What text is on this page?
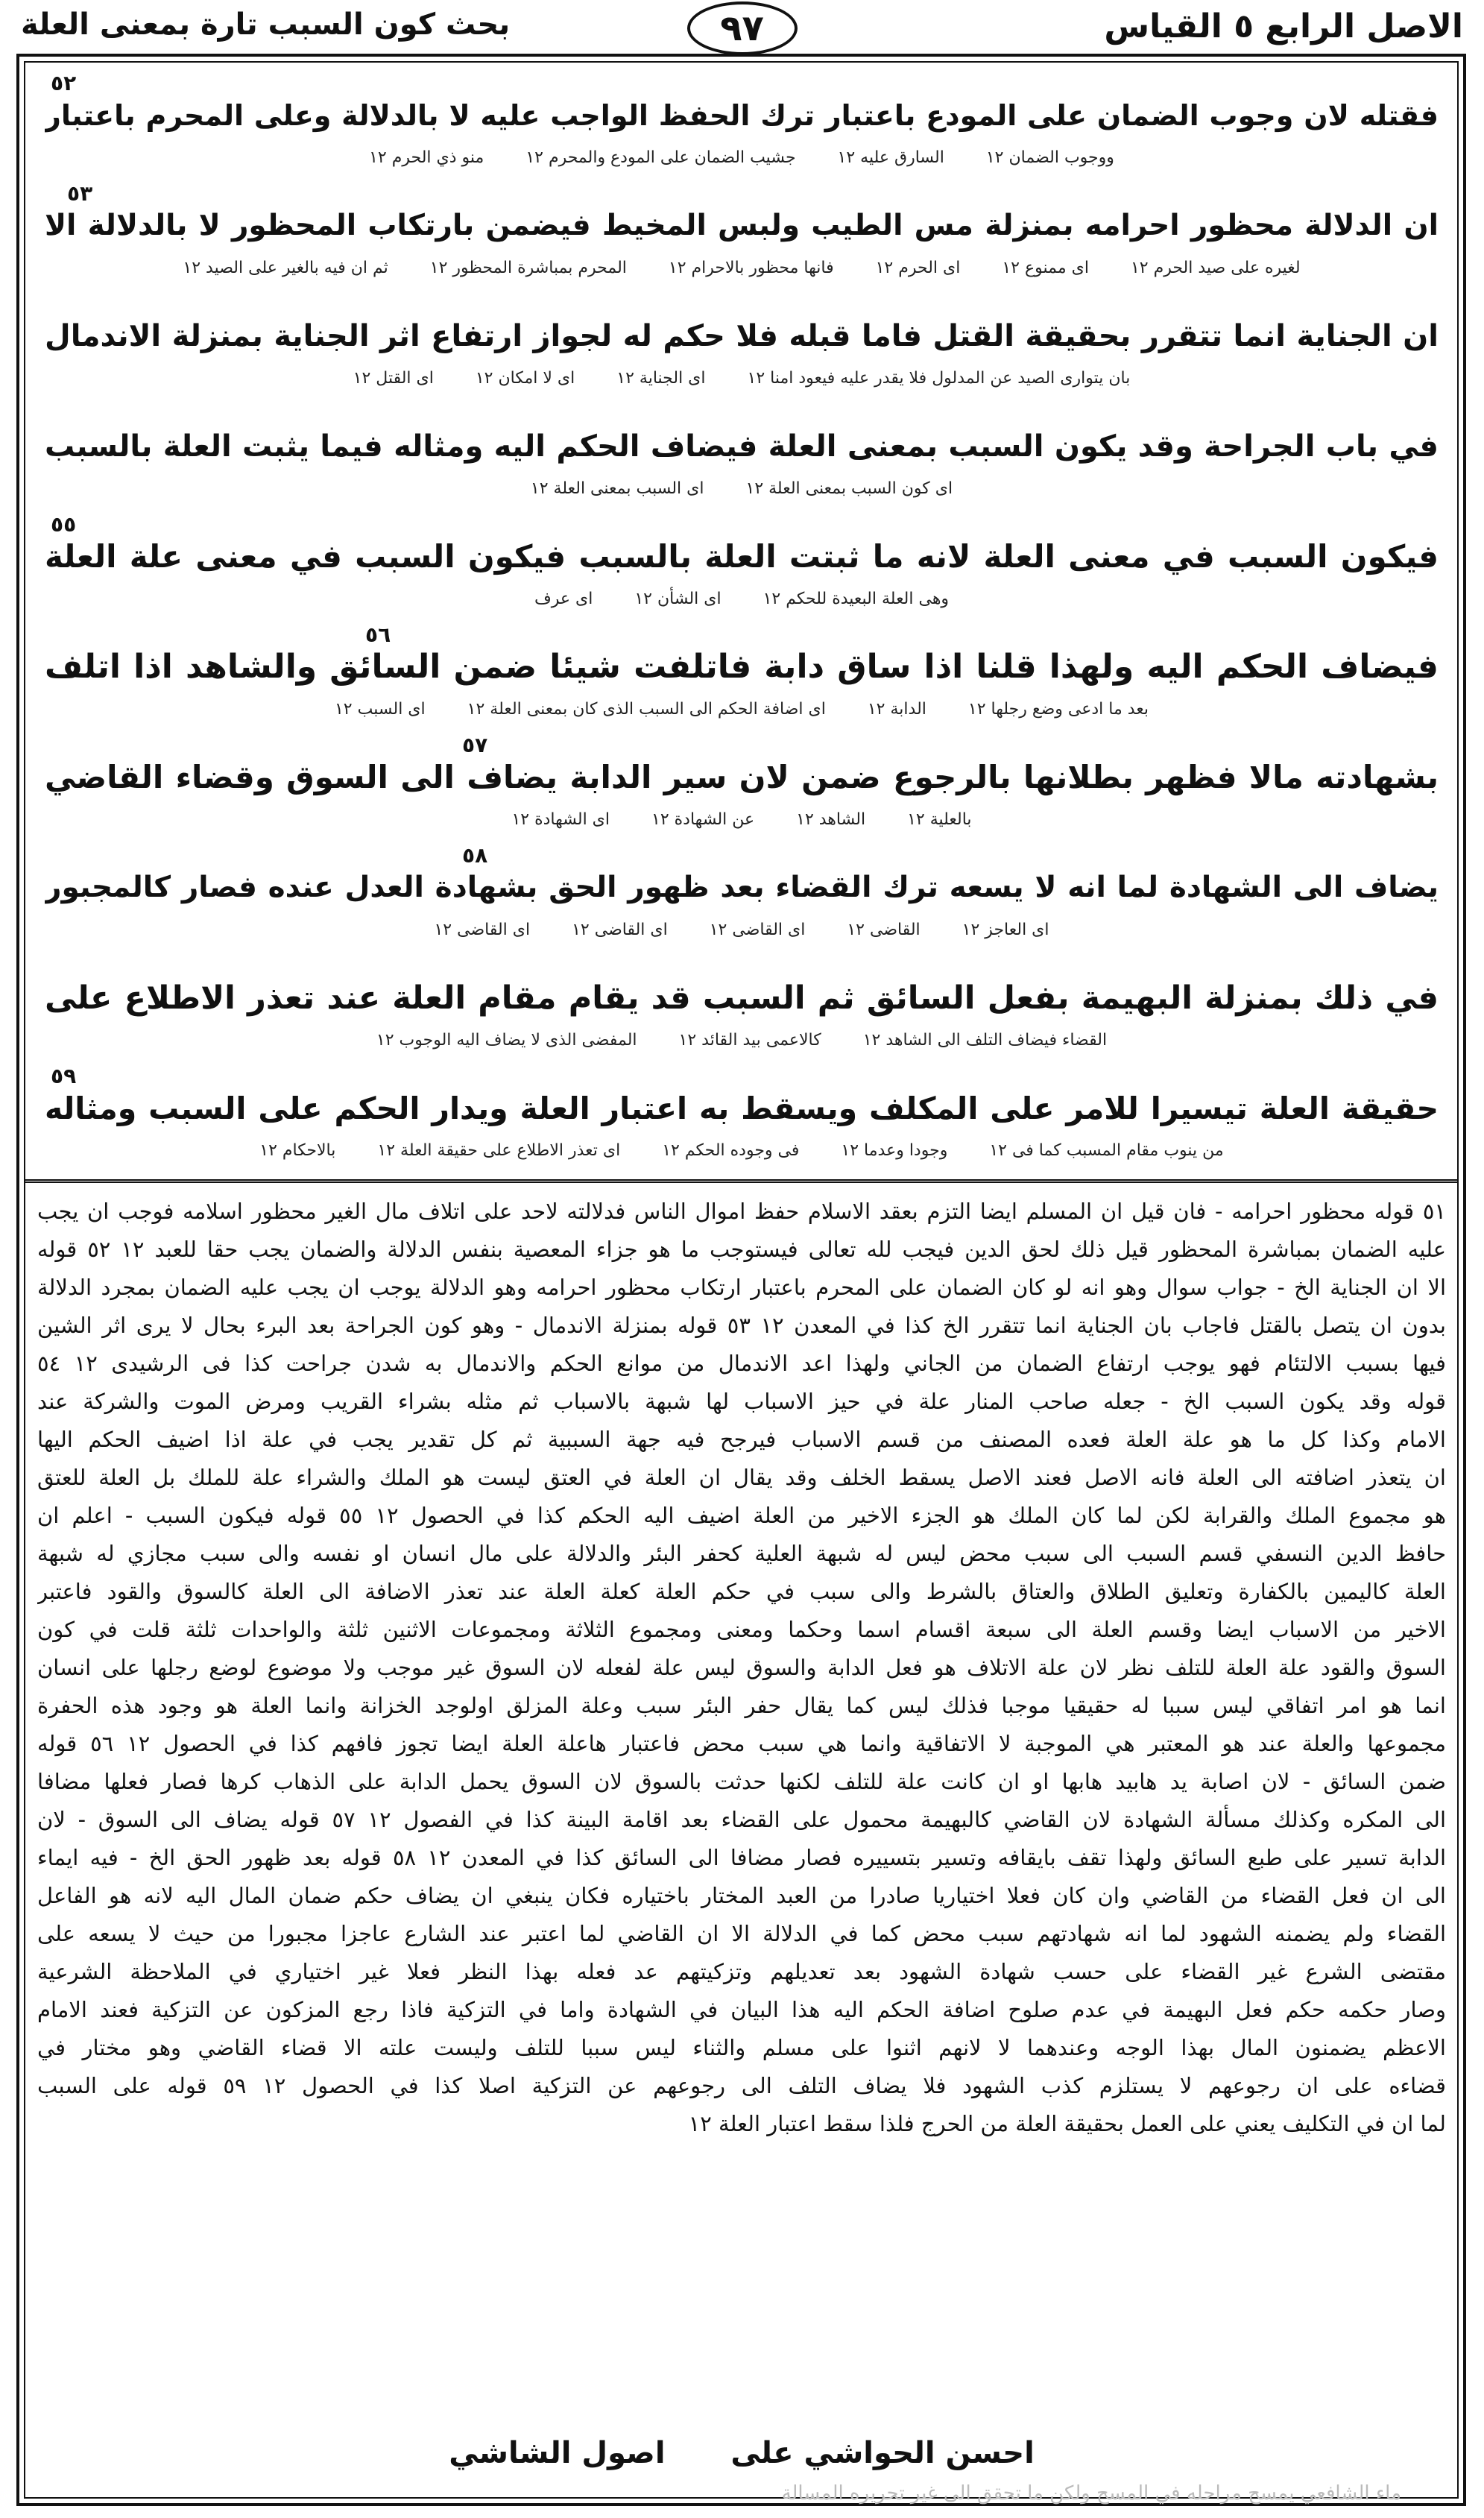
الاصل الرابع ٥ القياس
٩٧
بحث كون السبب تارة بمعنى العلة
فقتله لان وجوب الضمان على المودع باعتبار ترك الحفظ الواجب عليه لا بالدلالة وعلى المحرم باعتبار
ووجوب الضمان ١٢السارق عليه ١٢جشيب الضمان على المودع والمحرم ١٢منو ذي الحرم ١٢
٥٢
ان الدلالة محظور احرامه بمنزلة مس الطيب ولبس المخيط فيضمن بارتكاب المحظور لا بالدلالة الا
لغيره على صيد الحرم ١٢اى ممنوع ١٢اى الحرم ١٢فانها محظور بالاحرام ١٢المحرم بمباشرة المحظور ١٢ثم ان فيه بالغير على الصيد ١٢
٥٣
ان الجناية انما تتقرر بحقيقة القتل فاما قبله فلا حكم له لجواز ارتفاع اثر الجناية بمنزلة الاندمال
بان يتوارى الصيد عن المدلول فلا يقدر عليه فيعود امنا ١٢اى الجناية ١٢اى لا امكان ١٢اى القتل ١٢
في باب الجراحة وقد يكون السبب بمعنى العلة فيضاف الحكم اليه ومثاله فيما يثبت العلة بالسبب
اى كون السبب بمعنى العلة ١٢اى السبب بمعنى العلة ١٢
فيكون السبب في معنى العلة لانه ما ثبتت العلة بالسبب فيكون السبب في معنى علة العلة
وهى العلة البعيدة للحكم ١٢اى الشأن ١٢اى عرف
٥٥
فيضاف الحكم اليه ولهذا قلنا اذا ساق دابة فاتلفت شيئا ضمن السائق والشاهد اذا اتلف
بعد ما ادعى وضع رجلها ١٢الدابة ١٢اى اضافة الحكم الى السبب الذى كان بمعنى العلة ١٢اى السبب ١٢
٥٦
بشهادته مالا فظهر بطلانها بالرجوع ضمن لان سير الدابة يضاف الى السوق وقضاء القاضي
بالعلية ١٢الشاهد ١٢عن الشهادة ١٢اى الشهادة ١٢
٥٧
يضاف الى الشهادة لما انه لا يسعه ترك القضاء بعد ظهور الحق بشهادة العدل عنده فصار كالمجبور
اى العاجز ١٢القاضى ١٢اى القاضى ١٢اى القاضى ١٢اى القاضى ١٢
٥٨
في ذلك بمنزلة البهيمة بفعل السائق ثم السبب قد يقام مقام العلة عند تعذر الاطلاع على
القضاء فيضاف التلف الى الشاهد ١٢كالاعمى بيد القائد ١٢المفضى الذى لا يضاف اليه الوجوب ١٢
حقيقة العلة تيسيرا للامر على المكلف ويسقط به اعتبار العلة ويدار الحكم على السبب ومثاله
من ينوب مقام المسبب كما فى ١٢وجودا وعدما ١٢فى وجوده الحكم ١٢اى تعذر الاطلاع على حقيقة العلة ١٢بالاحكام ١٢
٥٩
٥١ قوله محظور احرامه - فان قيل ان المسلم ايضا التزم بعقد الاسلام حفظ اموال الناس فدلالته لاحد على اتلاف مال الغير محظور اسلامه فوجب ان يجب
عليه الضمان بمباشرة المحظور قيل ذلك لحق الدين فيجب لله تعالى فيستوجب ما هو جزاء المعصية بنفس الدلالة والضمان يجب حقا للعبد ١٢ ٥٢ قوله
الا ان الجناية الخ - جواب سوال وهو انه لو كان الضمان على المحرم باعتبار ارتكاب محظور احرامه وهو الدلالة يوجب ان يجب عليه الضمان بمجرد الدلالة
بدون ان يتصل بالقتل فاجاب بان الجناية انما تتقرر الخ كذا في المعدن ١٢ ٥٣ قوله بمنزلة الاندمال - وهو كون الجراحة بعد البرء بحال لا يرى اثر الشين
فيها بسبب الالتئام فهو يوجب ارتفاع الضمان من الجاني ولهذا اعد الاندمال من موانع الحكم والاندمال به شدن جراحت كذا فى الرشيدى ١٢ ٥٤
قوله وقد يكون السبب الخ - جعله صاحب المنار علة في حيز الاسباب لها شبهة بالاسباب ثم مثله بشراء القريب ومرض الموت والشركة عند
الامام وكذا كل ما هو علة العلة فعده المصنف من قسم الاسباب فيرجح فيه جهة السببية ثم كل تقدير يجب في علة اذا اضيف الحكم اليها
ان يتعذر اضافته الى العلة فانه الاصل فعند الاصل يسقط الخلف وقد يقال ان العلة في العتق ليست هو الملك والشراء علة للملك بل العلة للعتق
هو مجموع الملك والقرابة لكن لما كان الملك هو الجزء الاخير من العلة اضيف اليه الحكم كذا في الحصول ١٢ ٥٥ قوله فيكون السبب - اعلم ان
حافظ الدين النسفي قسم السبب الى سبب محض ليس له شبهة العلية كحفر البئر والدلالة على مال انسان او نفسه والى سبب مجازي له شبهة
العلة كاليمين بالكفارة وتعليق الطلاق والعتاق بالشرط والى سبب في حكم العلة كعلة العلة عند تعذر الاضافة الى العلة كالسوق والقود فاعتبر
الاخير من الاسباب ايضا وقسم العلة الى سبعة اقسام اسما وحكما ومعنى ومجموع الثلاثة ومجموعات الاثنين ثلثة والواحدات ثلثة قلت في كون
السوق والقود علة العلة للتلف نظر لان علة الاتلاف هو فعل الدابة والسوق ليس علة لفعله لان السوق غير موجب ولا موضوع لوضع رجلها على انسان
انما هو امر اتفاقي ليس سببا له حقيقيا موجبا فذلك ليس كما يقال حفر البئر سبب وعلة المزلق اولوجد الخزانة وانما العلة هو وجود هذه الحفرة
مجموعها والعلة عند هو المعتبر هي الموجبة لا الاتفاقية وانما هي سبب محض فاعتبار هاعلة العلة ايضا تجوز فافهم كذا في الحصول ١٢ ٥٦ قوله
ضمن السائق - لان اصابة يد هابيد هابها او ان كانت علة للتلف لكنها حدثت بالسوق لان السوق يحمل الدابة على الذهاب كرها فصار فعلها مضافا
الى المكره وكذلك مسألة الشهادة لان القاضي كالبهيمة محمول على القضاء بعد اقامة البينة كذا في الفصول ١٢ ٥٧ قوله يضاف الى السوق - لان
الدابة تسير على طبع السائق ولهذا تقف بايقافه وتسير بتسييره فصار مضافا الى السائق كذا في المعدن ١٢ ٥٨ قوله بعد ظهور الحق الخ - فيه ايماء
الى ان فعل القضاء من القاضي وان كان فعلا اختياريا صادرا من العبد المختار باختياره فكان ينبغي ان يضاف حكم ضمان المال اليه لانه هو الفاعل
القضاء ولم يضمنه الشهود لما انه شهادتهم سبب محض كما في الدلالة الا ان القاضي لما اعتبر عند الشارع عاجزا مجبورا من حيث لا يسعه على
مقتضى الشرع غير القضاء على حسب شهادة الشهود بعد تعديلهم وتزكيتهم عد فعله بهذا النظر فعلا غير اختياري في الملاحظة الشرعية
وصار حكمه حكم فعل البهيمة في عدم صلوح اضافة الحكم اليه هذا البيان في الشهادة واما في التزكية فاذا رجع المزكون عن التزكية فعند الامام
الاعظم يضمنون المال بهذا الوجه وعندهما لا لانهم اثنوا على مسلم والثناء ليس سببا للتلف وليست علته الا قضاء القاضي وهو مختار في
قضاءه على ان رجوعهم لا يستلزم كذب الشهود فلا يضاف التلف الى رجوعهم عن التزكية اصلا كذا في الحصول ١٢ ٥٩ قوله على السبب
لما ان في التكليف يعني على العمل بحقيقة العلة من الحرج فلذا سقط اعتبار العلة ١٢
احسن الحواشي على  اصول الشاشي
ماء الشافعي يمسح مراحله في المسح ولكن ما تحقق الى غير تحريره المسالة
